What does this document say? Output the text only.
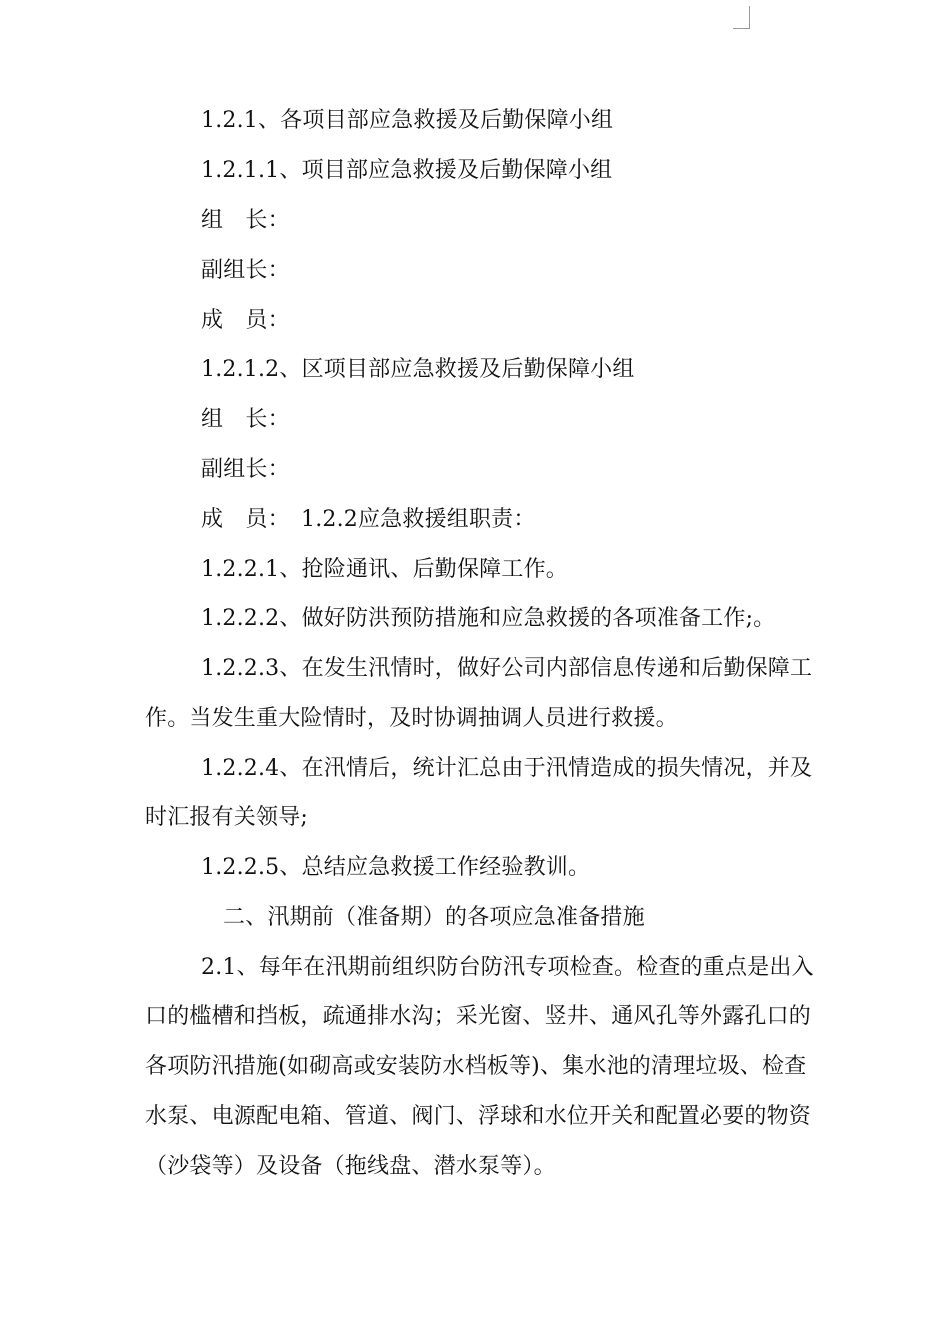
1.2.1、各项目部应急救援及后勤保障小组
1.2.1.1、项目部应急救援及后勤保障小组
组　长：
副组长：
成　员：
1.2.1.2、区项目部应急救援及后勤保障小组
组　长：
副组长：
成　员：　1.2.2应急救援组职责：
1.2.2.1、抢险通讯、后勤保障工作。
1.2.2.2、做好防洪预防措施和应急救援的各项准备工作;。
1.2.2.3、在发生汛情时，做好公司内部信息传递和后勤保障工
作。当发生重大险情时，及时协调抽调人员进行救援。
1.2.2.4、在汛情后，统计汇总由于汛情造成的损失情况，并及
时汇报有关领导;
1.2.2.5、总结应急救援工作经验教训。
二、汛期前（准备期）的各项应急准备措施
2.1、每年在汛期前组织防台防汛专项检查。检查的重点是出入
口的槛槽和挡板，疏通排水沟；采光窗、竖井、通风孔等外露孔口的
各项防汛措施(如砌高或安装防水档板等)、集水池的清理垃圾、检查
水泵、电源配电箱、管道、阀门、浮球和水位开关和配置必要的物资
（沙袋等）及设备（拖线盘、潜水泵等）。
